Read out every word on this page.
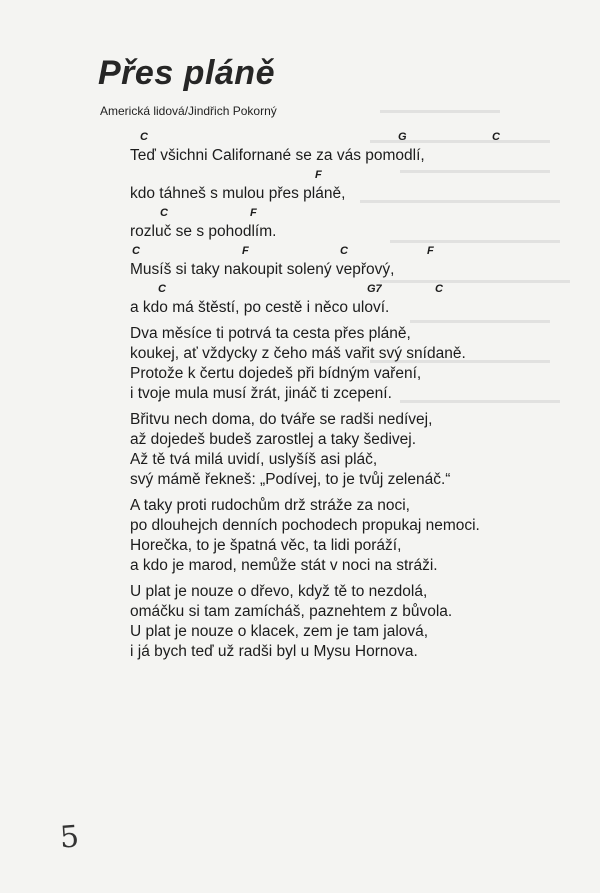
Přes pláně
Americká lidová/Jindřich Pokorný
C	G	C
Teď všichni Californané se za vás pomodlí,
F
kdo táhneš s mulou přes pláně,
C	F
rozluč se s pohodlím.
C	F	C	F
Musíš si taky nakoupit solený vepřový,
C	G7	C
a kdo má štěstí, po cestě i něco uloví.
Dva měsíce ti potrvá ta cesta přes pláně,
koukej, ať vždycky z čeho máš vařit svý snídaně.
Protože k čertu dojedeš při bídným vaření,
i tvoje mula musí žrát, jináč ti zcepení.
Břitvu nech doma, do tváře se radši nedívej,
až dojedeš budeš zarostlej a taky šedivej.
Až tě tvá milá uvidí, uslyšíš asi pláč,
svý mámě řekneš: „Podívej, to je tvůj zelenáč.“
A taky proti rudochům drž stráže za noci,
po dlouhejch denních pochodech propukaj nemoci.
Horečka, to je špatná věc, ta lidi poráží,
a kdo je marod, nemůže stát v noci na stráži.
U plat je nouze o dřevo, když tě to nezdolá,
omáčku si tam zamícháš, paznehtem z bůvola.
U plat je nouze o klacek, zem je tam jalová,
i já bych teď už radši byl u Mysu Hornova.
5
